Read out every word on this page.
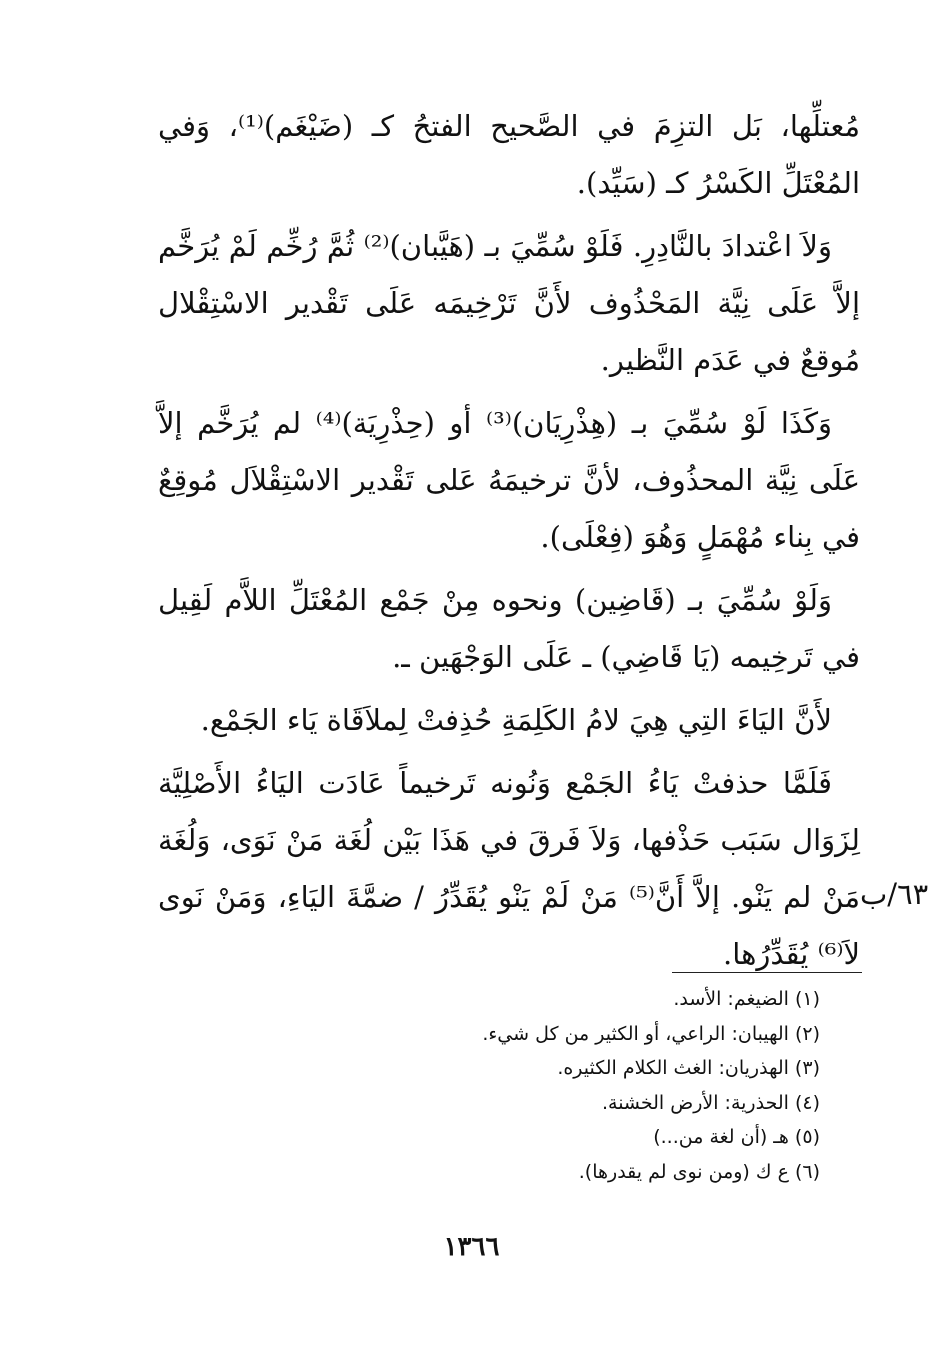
مُعتلِّها، بَل التزِمَ في الصَّحيح الفتحُ كـ (ضَيْغَم)⁽¹⁾، وَفي المُعْتَلِّ الكَسْرُ كـ (سَيِّد).

وَلاَ اعْتدادَ بالنَّادِرِ. فَلَوْ سُمِّيَ بـ (هَيَّبان)⁽²⁾ ثُمَّ رُخِّم لَمْ يُرَخَّم إلاَّ عَلَى نِيَّة المَحْذُوف لأَنَّ تَرْخِيمَه عَلَى تَقْدير الاسْتِقْلال مُوقعٌ في عَدَم النَّظير.

وَكَذَا لَوْ سُمِّيَ بـ (هِذْرِيَان)⁽³⁾ أو (حِذْرِيَة)⁽⁴⁾ لم يُرَخَّم إلاَّ عَلَى نِيَّة المحذُوف، لأنَّ ترخيمَهُ عَلى تَقْدير الاسْتِقْلاَل مُوقِعٌ في بِناء مُهْمَلٍ وَهُوَ (فِعْلَى).

وَلَوْ سُمِّيَ بـ (قَاضِين) ونحوه مِنْ جَمْع المُعْتَلِّ اللاَّم لَقِيل في تَرخِيمه (يَا قَاضِي) ـ عَلَى الوَجْهَين ـ.

لأَنَّ اليَاءَ التِي هِيَ لامُ الكَلِمَةِ حُذِفتْ لِملاَقَاة يَاء الجَمْع.

فَلَمَّا حذفتْ يَاءُ الجَمْع وَنُونه تَرخيماً عَادَت اليَاءُ الأَصْلِيَّة لِزَوَال سَبَب حَذْفها، وَلاَ فَرقَ في هَذَا بَيْن لُغَة مَنْ نَوَى، وَلُغَة مَنْ لم يَنْو. إلاَّ أَنَّ⁽⁵⁾ مَنْ لَمْ يَنْو يُقَدِّرُ / ضمَّةَ اليَاءِ، وَمَنْ نَوى لاَ⁽⁶⁾ يُقَدِّرُها.

٦٣/ب
(١) الضيغم: الأسد.
(٢) الهيبان: الراعي، أو الكثير من كل شيء.
(٣) الهذريان: الغث الكلام الكثيره.
(٤) الحذرية: الأرض الخشنة.
(٥) هـ (أن لغة من...)
(٦) ع ك (ومن نوى لم يقدرها).
١٣٦٦
